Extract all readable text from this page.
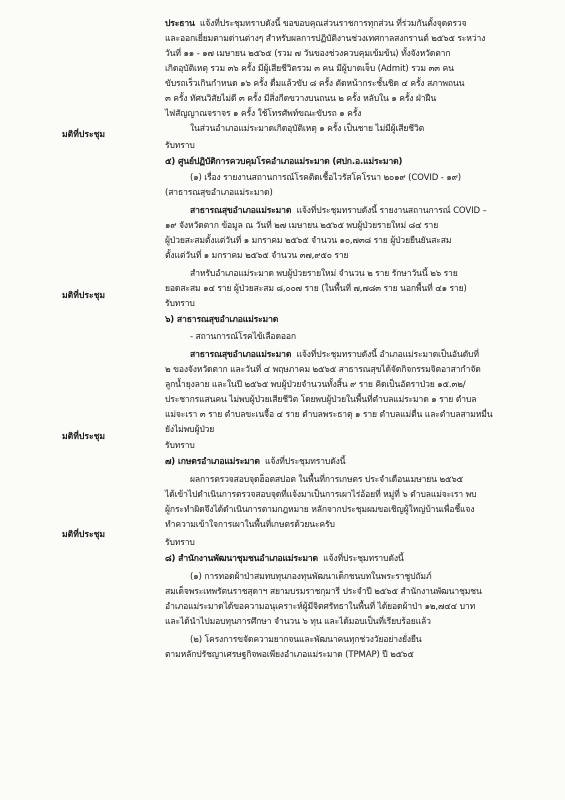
ประธาน แจ้งที่ประชุมทราบดังนี้ ขอขอบคุณส่วนราชการทุกส่วน ที่ร่วมกันตั้งจุดตรวจ
และออกเยี่ยมตามด่านต่างๆ สำหรับผลการปฏิบัติงานช่วงเทศกาลสงกรานต์ ๒๕๖๕ ระหว่าง
วันที่ ๑๑ - ๑๗ เมษายน ๒๕๖๕ (รวม ๗ วันของช่วงควบคุมเข้มข้น) ทั้งจังหวัดตาก
เกิดอุบัติเหตุ รวม ๓๖ ครั้ง มีผู้เสียชีวิตรวม ๓ คน มีผู้บาดเจ็บ (Admit) รวม ๓๓ คน
ขับรถเร็วเกินกำหนด ๑๖ ครั้ง ดื่มแล้วขับ ๘ ครั้ง ตัดหน้ากระชั้นชิด ๔ ครั้ง สภาพถนน
๓ ครั้ง ทัศนวิสัยไม่ดี ๓ ครั้ง มีสิ่งกีดขวางบนถนน ๒ ครั้ง หลับใน ๑ ครั้ง ฝ่าฝืน
ไฟสัญญาณจราจร ๑ ครั้ง ใช้โทรศัพท์ขณะขับรถ ๑ ครั้ง
ในส่วนอำเภอแม่ระมาดเกิดอุบัติเหตุ ๑ ครั้ง เป็นชาย ไม่มีผู้เสียชีวิต
มติที่ประชุม
รับทราบ
๕) ศูนย์ปฏิบัติการควบคุมโรคอำเภอแม่ระมาด (ศปก.อ.แม่ระมาด)
(๑) เรื่อง รายงานสถานการณ์โรคติดเชื้อไวรัสโคโรนา ๒๐๑๙ (COVID - ๑๙)
(สาธารณสุขอำเภอแม่ระมาด)
สาธารณสุขอำเภอแม่ระมาด แจ้งที่ประชุมทราบดังนี้ รายงานสถานการณ์ COVID –
๑๙ จังหวัดตาก ข้อมูล ณ วันที่ ๒๗ เมษายน ๒๕๖๕ พบผู้ป่วยรายใหม่ ๘๔ ราย
ผู้ป่วยสะสมตั้งแต่วันที่ ๑ มกราคม ๒๕๖๕ จำนวน ๑๐,๗๓๘ ราย ผู้ป่วยยืนยันสะสม
ตั้งแต่วันที่ ๑ มกราคม ๒๕๖๕ จำนวน ๓๗,๙๕๐ ราย
สำหรับอำเภอแม่ระมาด พบผู้ป่วยรายใหม่ จำนวน ๒ ราย รักษาวันนี้ ๒๖ ราย
ยอดสะสม ๑๔ ราย ผู้ป่วยสะสม ๘,๐๐๗ ราย (ในพื้นที่ ๗,๗๘๓ ราย นอกพื้นที่ ๔๑ ราย)
มติที่ประชุม
รับทราบ
๖) สาธารณสุขอำเภอแม่ระมาด
- สถานการณ์โรคไข้เลือดออก
สาธารณสุขอำเภอแม่ระมาด แจ้งที่ประชุมทราบดังนี้ อำเภอแม่ระมาดเป็นอันดับที่
๒ ของจังหวัดตาก และวันที่ ๔ พฤษภาคม ๒๕๖๕ สาธารณสุขได้จัดกิจกรรมจิตอาสากำจัด
ลูกน้ำยุงลาย และในปี ๒๕๖๕ พบผู้ป่วยจำนวนทั้งสิ้น ๙ ราย คิดเป็นอัตราป่วย ๑๕.๓๒/
ประชากรแสนคน ไม่พบผู้ป่วยเสียชีวิต โดยพบผู้ป่วยในพื้นที่ตำบลแม่ระมาด ๑ ราย ตำบล
แม่จะเรา ๓ ราย ตำบลขะเนจื้อ ๔ ราย ตำบลพระธาตุ ๑ ราย ตำบลแม่ตื่น และตำบลสามหมื่น
ยังไม่พบผู้ป่วย
มติที่ประชุม
รับทราบ
๗) เกษตรอำเภอแม่ระมาด แจ้งที่ประชุมทราบดังนี้
ผลการตรวจสอบจุดฮ็อตสปอต ในพื้นที่การเกษตร ประจำเดือนเมษายน ๒๕๖๕
ได้เข้าไปดำเนินการตรวจสอบจุดที่แจ้งมาเป็นการเผาไร่อ้อยที่ หมู่ที่ ๖ ตำบลแม่จะเรา พบ
ผู้กระทำผิดจึงได้ดำเนินการตามกฎหมาย หลักจากประชุมผมขอเชิญผู้ใหญ่บ้านเพื่อชี้แจง
ทำความเข้าใจการเผาในพื้นที่เกษตรด้วยนะครับ
มติที่ประชุม
รับทราบ
๘) สำนักงานพัฒนาชุมชนอำเภอแม่ระมาด แจ้งที่ประชุมทราบดังนี้
(๑) การทอดผ้าป่าสมทบทุนกองทุนพัฒนาเด็กชนบทในพระราชูปถัมภ์
สมเด็จพระเทพรัตนราชสุดาฯ สยามบรมราชกุมารี ประจำปี ๒๕๖๕ สำนักงานพัฒนาชุมชน
อำเภอแม่ระมาดได้ขอความอนุเคราะห์ผู้มีจิตศรัทธาในพื้นที่ ได้ยอดผ้าป่า ๑๒,๗๔๔ บาท
และได้นำไปมอบทุนการศึกษา จำนวน ๖ ทุน และได้มอบเป็นที่เรียบร้อยแล้ว
(๒) โครงการขจัดความยากจนและพัฒนาคนทุกช่วงวัยอย่างยั่งยืน
ตามหลักปรัชญาเศรษฐกิจพอเพียงอำเภอแม่ระมาด (TPMAP) ปี ๒๕๖๕
